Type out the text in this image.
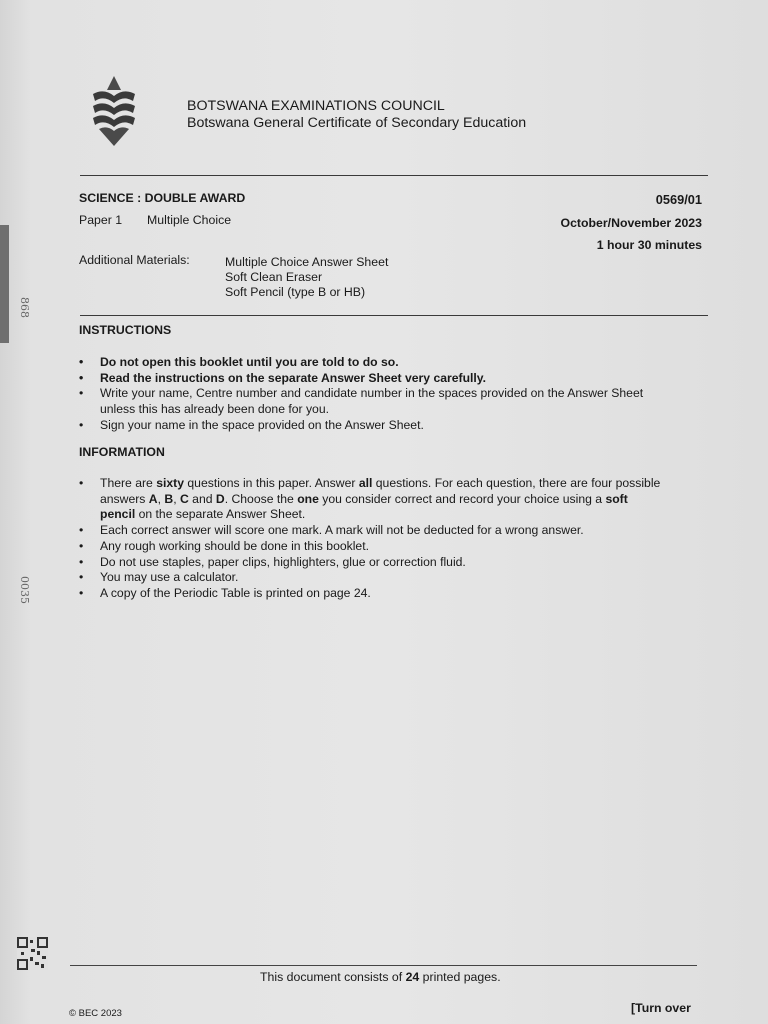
868
0035
BOTSWANA EXAMINATIONS COUNCIL
Botswana General Certificate of Secondary Education
SCIENCE : DOUBLE AWARD	0569/01
Paper 1 Multiple Choice	October/November 2023
1 hour 30 minutes
Additional Materials:	Multiple Choice Answer Sheet
Soft Clean Eraser
Soft Pencil (type B or HB)
INSTRUCTIONS
• Do not open this booklet until you are told to do so.
• Read the instructions on the separate Answer Sheet very carefully.
• Write your name, Centre number and candidate number in the spaces provided on the Answer Sheet
unless this has already been done for you.
• Sign your name in the space provided on the Answer Sheet.
INFORMATION
• There are sixty questions in this paper. Answer all questions. For each question, there are four possible
answers A, B, C and D. Choose the one you consider correct and record your choice using a soft
pencil on the separate Answer Sheet.
• Each correct answer will score one mark. A mark will not be deducted for a wrong answer.
• Any rough working should be done in this booklet.
• Do not use staples, paper clips, highlighters, glue or correction fluid.
• You may use a calculator.
• A copy of the Periodic Table is printed on page 24.
This document consists of 24 printed pages.
[Turn over
© BEC 2023
